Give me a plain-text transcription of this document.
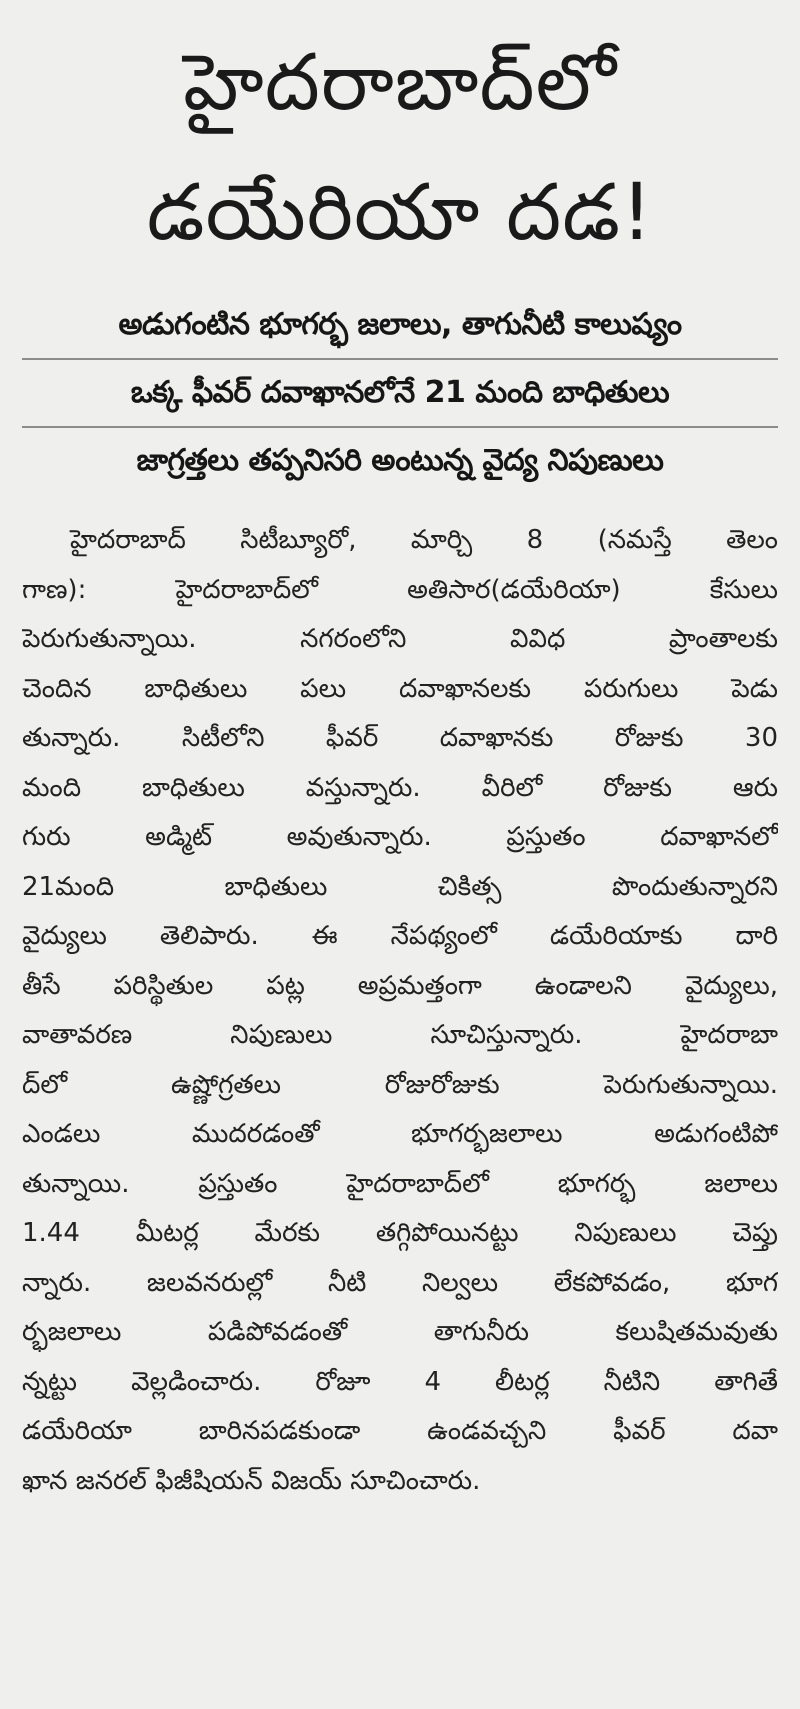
హైదరాబాద్‌లో
డయేరియా దడ!
అడుగంటిన భూగర్భ జలాలు, తాగునీటి కాలుష్యం
ఒక్క ఫీవర్‌ దవాఖానలోనే 21 మంది బాధితులు
జాగ్రత్తలు తప్పనిసరి అంటున్న వైద్య నిపుణులు
హైదరాబాద్‌ సిటీబ్యూరో, మార్చి 8 (నమస్తే తెలం
గాణ): హైదరాబాద్‌లో అతిసార(డయేరియా) కేసులు
పెరుగుతున్నాయి. నగరంలోని వివిధ ప్రాంతాలకు
చెందిన బాధితులు పలు దవాఖానలకు పరుగులు పెడు
తున్నారు. సిటీలోని ఫీవర్‌ దవాఖానకు రోజుకు 30
మంది బాధితులు వస్తున్నారు. వీరిలో రోజుకు ఆరు
గురు అడ్మిట్‌ అవుతున్నారు. ప్రస్తుతం దవాఖానలో
21మంది బాధితులు చికిత్స పొందుతున్నారని
వైద్యులు తెలిపారు. ఈ నేపథ్యంలో డయేరియాకు దారి
తీసే పరిస్థితుల పట్ల అప్రమత్తంగా ఉండాలని వైద్యులు,
వాతావరణ నిపుణులు సూచిస్తున్నారు. హైదరాబా
ద్‌లో ఉష్ణోగ్రతలు రోజురోజుకు పెరుగుతున్నాయి.
ఎండలు ముదరడంతో భూగర్భజలాలు అడుగంటిపో
తున్నాయి. ప్రస్తుతం హైదరాబాద్‌లో భూగర్భ జలాలు
1.44 మీటర్ల మేరకు తగ్గిపోయినట్టు నిపుణులు చెప్తు
న్నారు. జలవనరుల్లో నీటి నిల్వలు లేకపోవడం, భూగ
ర్భజలాలు పడిపోవడంతో తాగునీరు కలుషితమవుతు
న్నట్టు వెల్లడించారు. రోజూ 4 లీటర్ల నీటిని తాగితే
డయేరియా బారినపడకుండా ఉండవచ్చని ఫీవర్‌ దవా
ఖాన జనరల్‌ ఫిజీషియన్‌ విజయ్‌ సూచించారు.
